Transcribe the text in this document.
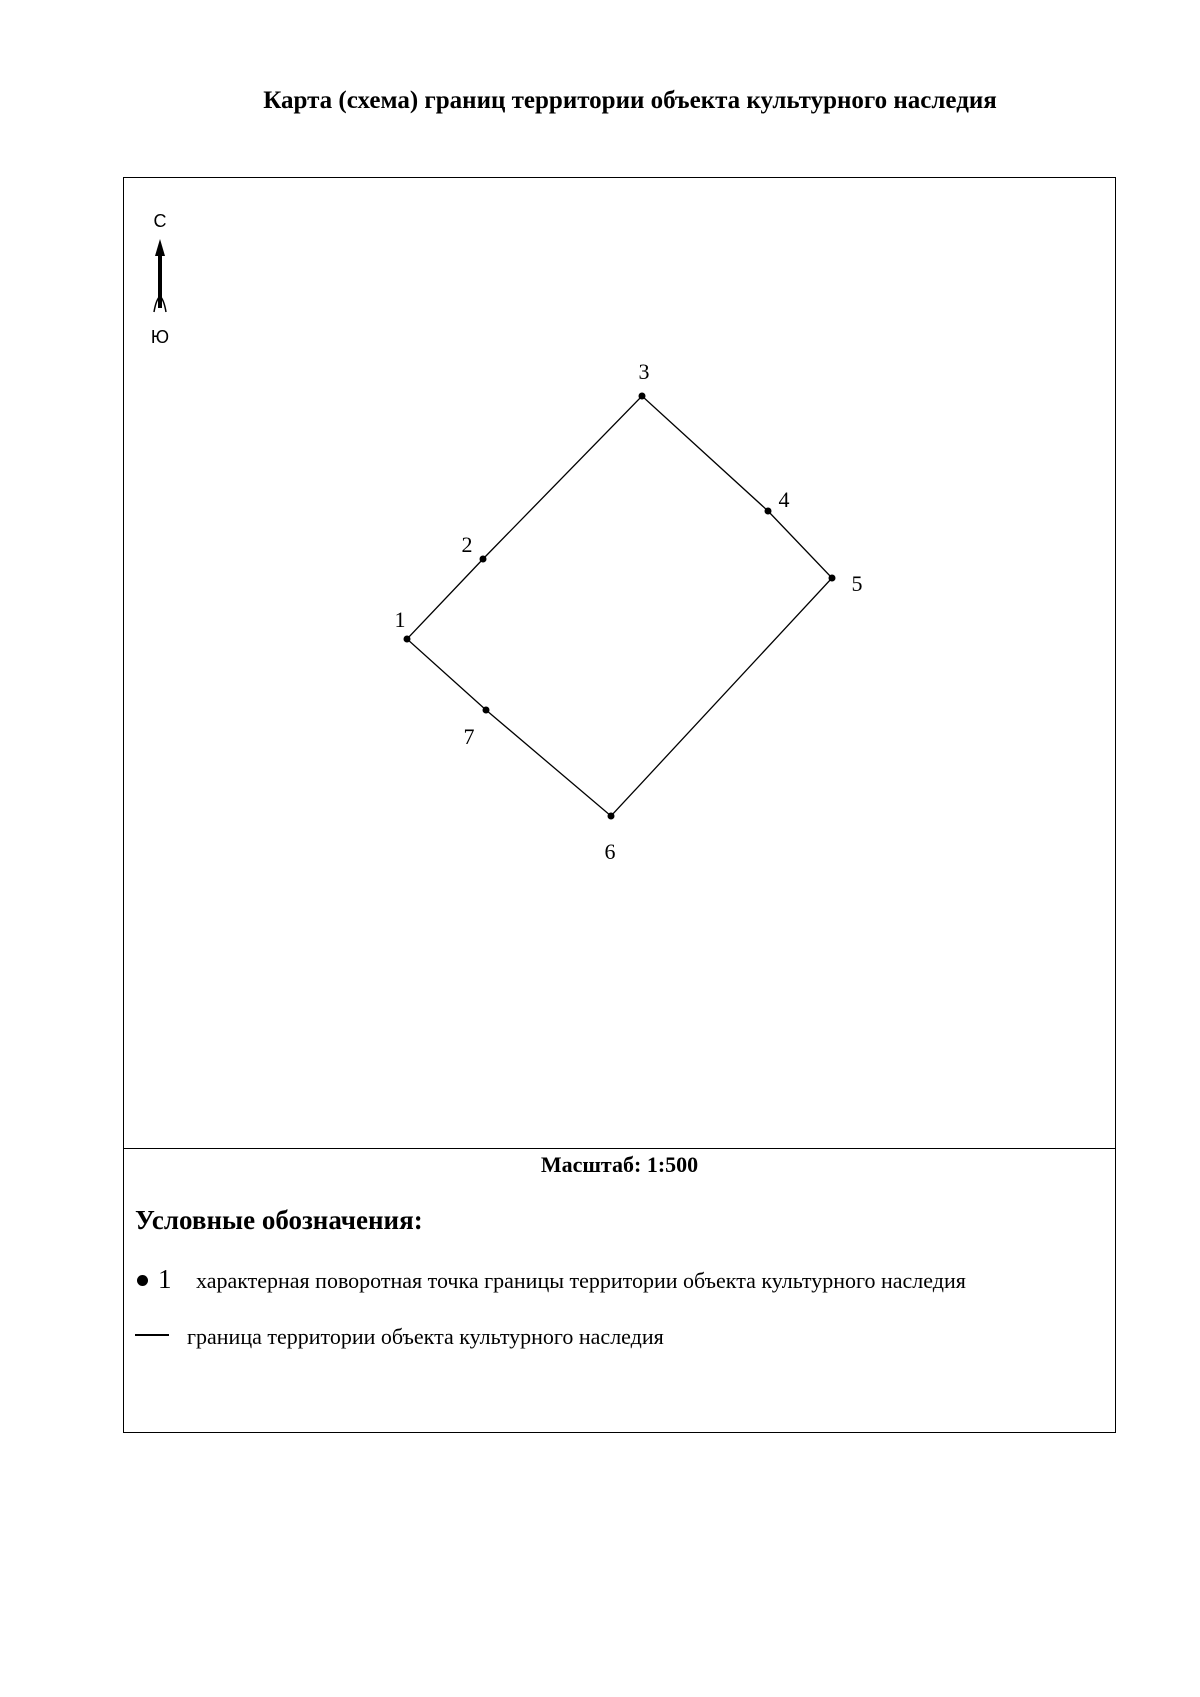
Карта (схема) границ территории объекта культурного наследия
С
Ю
1
2
3
4
5
6
7
Масштаб: 1:500
Условные обозначения:
1 характерная поворотная точка границы территории объекта культурного наследия
граница территории объекта культурного наследия
